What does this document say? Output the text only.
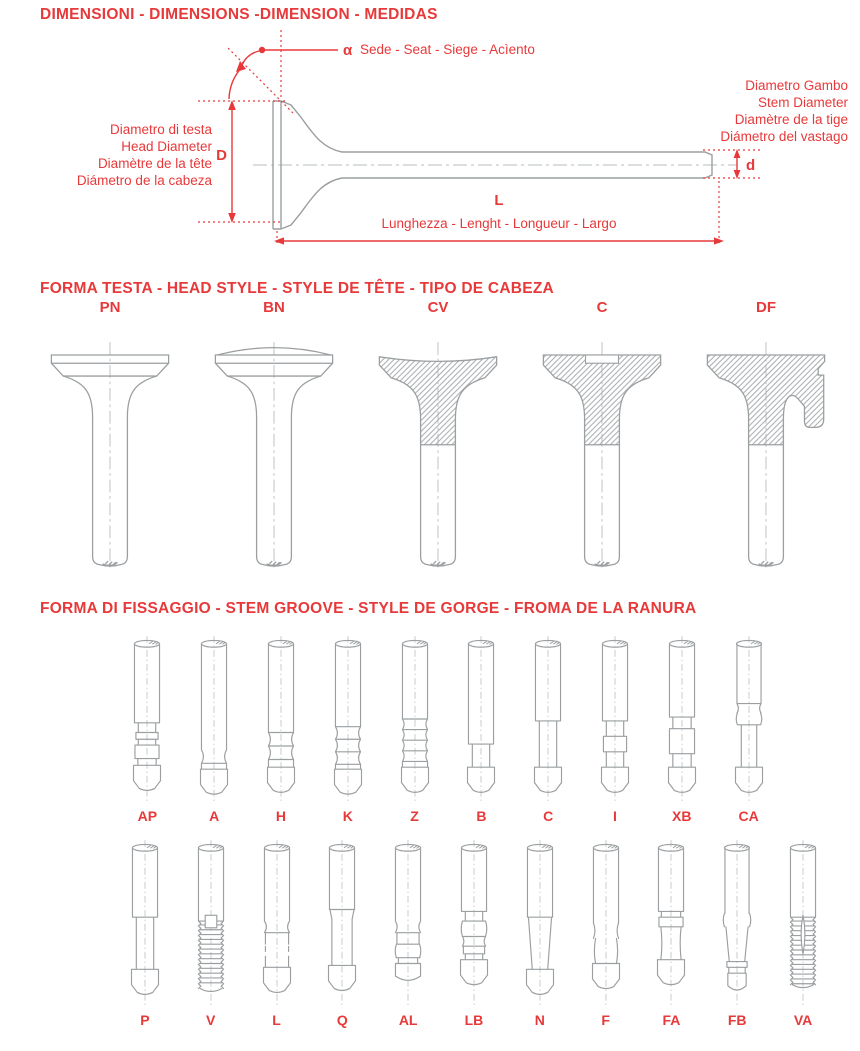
DIMENSIONI - DIMENSIONS -DIMENSION - MEDIDAS
α Sede - Seat - Siege - Acìento
D
Diametro di testa
Head Diameter
Diamètre de la tête
Diámetro de la cabeza
Diametro Gambo
Stem Diameter
Diamètre de la tige
Diámetro del vastago
d
L
Lunghezza - Lenght - Longueur - Largo
FORMA TESTA - HEAD STYLE - STYLE DE TÊTE - TIPO DE CABEZA
PN	BN	CV	C	DF
FORMA DI FISSAGGIO - STEM GROOVE - STYLE DE GORGE - FROMA DE LA RANURA
AP	A	H	K	Z	B	C	I	XB	CA
P	V	L	Q	AL	LB	N	F	FA	FB	VA
